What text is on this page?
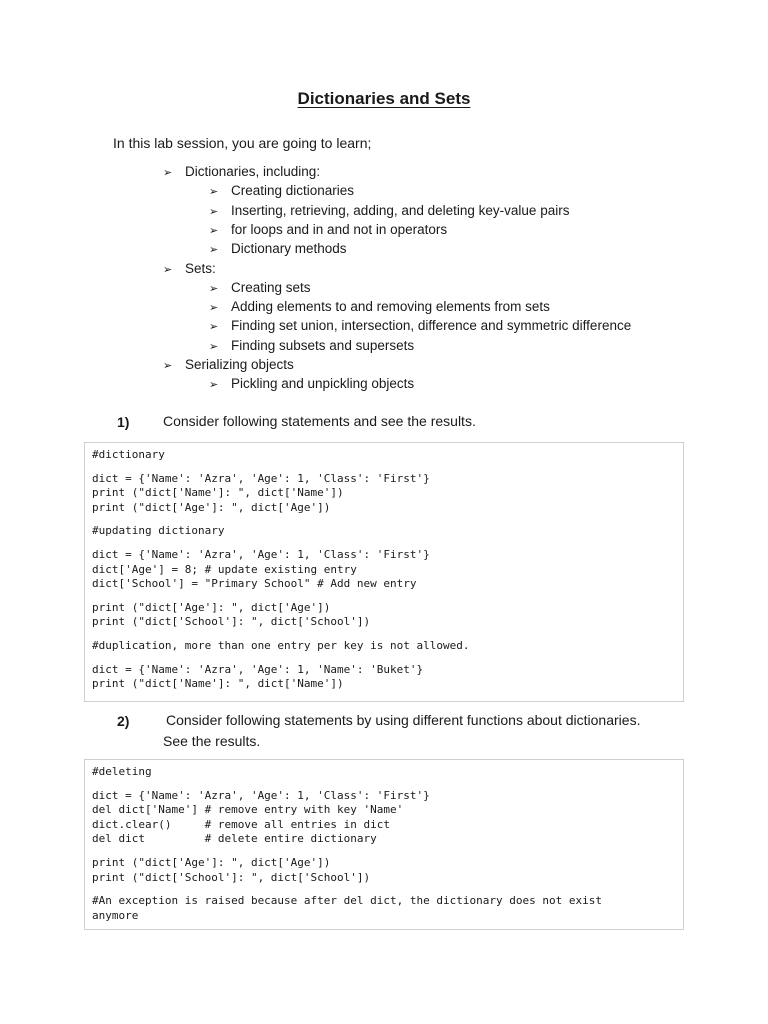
Dictionaries and Sets
In this lab session, you are going to learn;
➢ Dictionaries, including:
➢ Creating dictionaries
➢ Inserting, retrieving, adding, and deleting key-value pairs
➢ for loops and in and not in operators
➢ Dictionary methods
➢ Sets:
➢ Creating sets
➢ Adding elements to and removing elements from sets
➢ Finding set union, intersection, difference and symmetric difference
➢ Finding subsets and supersets
➢ Serializing objects
➢ Pickling and unpickling objects
1) Consider following statements and see the results.
#dictionary
dict = {'Name': 'Azra', 'Age': 1, 'Class': 'First'}
print ("dict['Name']: ", dict['Name'])
print ("dict['Age']: ", dict['Age'])
#updating dictionary
dict = {'Name': 'Azra', 'Age': 1, 'Class': 'First'}
dict['Age'] = 8; # update existing entry
dict['School'] = "Primary School" # Add new entry
print ("dict['Age']: ", dict['Age'])
print ("dict['School']: ", dict['School'])
#duplication, more than one entry per key is not allowed.
dict = {'Name': 'Azra', 'Age': 1, 'Name': 'Buket'}
print ("dict['Name']: ", dict['Name'])
2)	Consider following statements by using different functions about dictionaries.
See the results.
#deleting
dict = {'Name': 'Azra', 'Age': 1, 'Class': 'First'}
del dict['Name'] # remove entry with key 'Name'
dict.clear()     # remove all entries in dict
del dict         # delete entire dictionary
print ("dict['Age']: ", dict['Age'])
print ("dict['School']: ", dict['School'])
#An exception is raised because after del dict, the dictionary does not exist
anymore
